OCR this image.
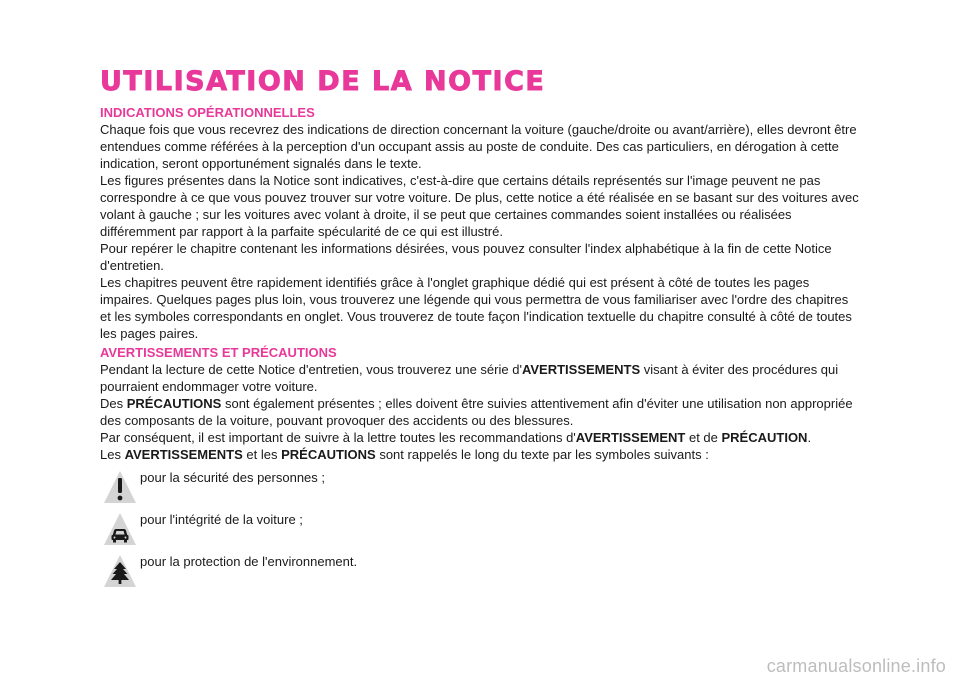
UTILISATION DE LA NOTICE
INDICATIONS OPÉRATIONNELLES

Chaque fois que vous recevrez des indications de direction concernant la voiture (gauche/droite ou avant/arrière), elles devront être entendues comme référées à la perception d'un occupant assis au poste de conduite. Des cas particuliers, en dérogation à cette indication, seront opportunément signalés dans le texte.

Les figures présentes dans la Notice sont indicatives, c'est-à-dire que certains détails représentés sur l'image peuvent ne pas correspondre à ce que vous pouvez trouver sur votre voiture. De plus, cette notice a été réalisée en se basant sur des voitures avec volant à gauche ; sur les voitures avec volant à droite, il se peut que certaines commandes soient installées ou réalisées différemment par rapport à la parfaite spécularité de ce qui est illustré.

Pour repérer le chapitre contenant les informations désirées, vous pouvez consulter l'index alphabétique à la fin de cette Notice d'entretien.

Les chapitres peuvent être rapidement identifiés grâce à l'onglet graphique dédié qui est présent à côté de toutes les pages impaires. Quelques pages plus loin, vous trouverez une légende qui vous permettra de vous familiariser avec l'ordre des chapitres et les symboles correspondants en onglet. Vous trouverez de toute façon l'indication textuelle du chapitre consulté à côté de toutes les pages paires.

AVERTISSEMENTS ET PRÉCAUTIONS

Pendant la lecture de cette Notice d'entretien, vous trouverez une série d'AVERTISSEMENTS visant à éviter des procédures qui pourraient endommager votre voiture.

Des PRÉCAUTIONS sont également présentes ; elles doivent être suivies attentivement afin d'éviter une utilisation non appropriée des composants de la voiture, pouvant provoquer des accidents ou des blessures.

Par conséquent, il est important de suivre à la lettre toutes les recommandations d'AVERTISSEMENT et de PRÉCAUTION.

Les AVERTISSEMENTS et les PRÉCAUTIONS sont rappelés le long du texte par les symboles suivants :

pour la sécurité des personnes ;
pour l'intégrité de la voiture ;
pour la protection de l'environnement.
carmanualsonline.info
